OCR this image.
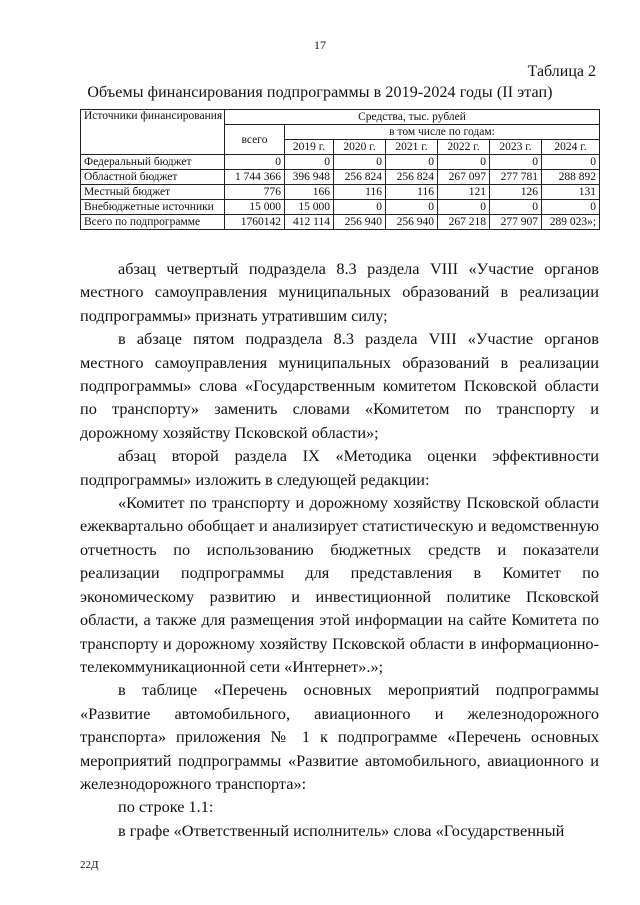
17
Таблица 2
Объемы финансирования подпрограммы в 2019-2024 годы (II этап)
Источники финансирования	Средства, тыс. рублей						
	всего	в том числе по годам:					
		2019 г.	2020 г.	2021 г.	2022 г.	2023 г.	2024 г.
Федеральный бюджет	0	0	0	0	0	0	0
Областной бюджет	1 744 366	396 948	256 824	256 824	267 097	277 781	288 892
Местный бюджет	776	166	116	116	121	126	131
Внебюджетные источники	15 000	15 000	0	0	0	0	0
Всего по подпрограмме	1760142	412 114	256 940	256 940	267 218	277 907	289 023»;

абзац четвертый подраздела 8.3 раздела VIII «Участие органов местного самоуправления муниципальных образований в реализации подпрограммы» признать утратившим силу;

в абзаце пятом подраздела 8.3 раздела VIII «Участие органов местного самоуправления муниципальных образований в реализации подпрограммы» слова «Государственным комитетом Псковской области по транспорту» заменить словами «Комитетом по транспорту и дорожному хозяйству Псковской области»;

абзац второй раздела IX «Методика оценки эффективности подпрограммы» изложить в следующей редакции:

«Комитет по транспорту и дорожному хозяйству Псковской области ежеквартально обобщает и анализирует статистическую и ведомственную отчетность по использованию бюджетных средств и показатели реализации подпрограммы для представления в Комитет по экономическому развитию и инвестиционной политике Псковской области, а также для размещения этой информации на сайте Комитета по транспорту и дорожному хозяйству Псковской области в информационно-телекоммуникационной сети «Интернет».»;

в таблице «Перечень основных мероприятий подпрограммы «Развитие автомобильного, авиационного и железнодорожного транспорта» приложения № 1 к подпрограмме «Перечень основных мероприятий подпрограммы «Развитие автомобильного, авиационного и железнодорожного транспорта»:

по строке 1.1:

в графе «Ответственный исполнитель» слова «Государственный

22Д
